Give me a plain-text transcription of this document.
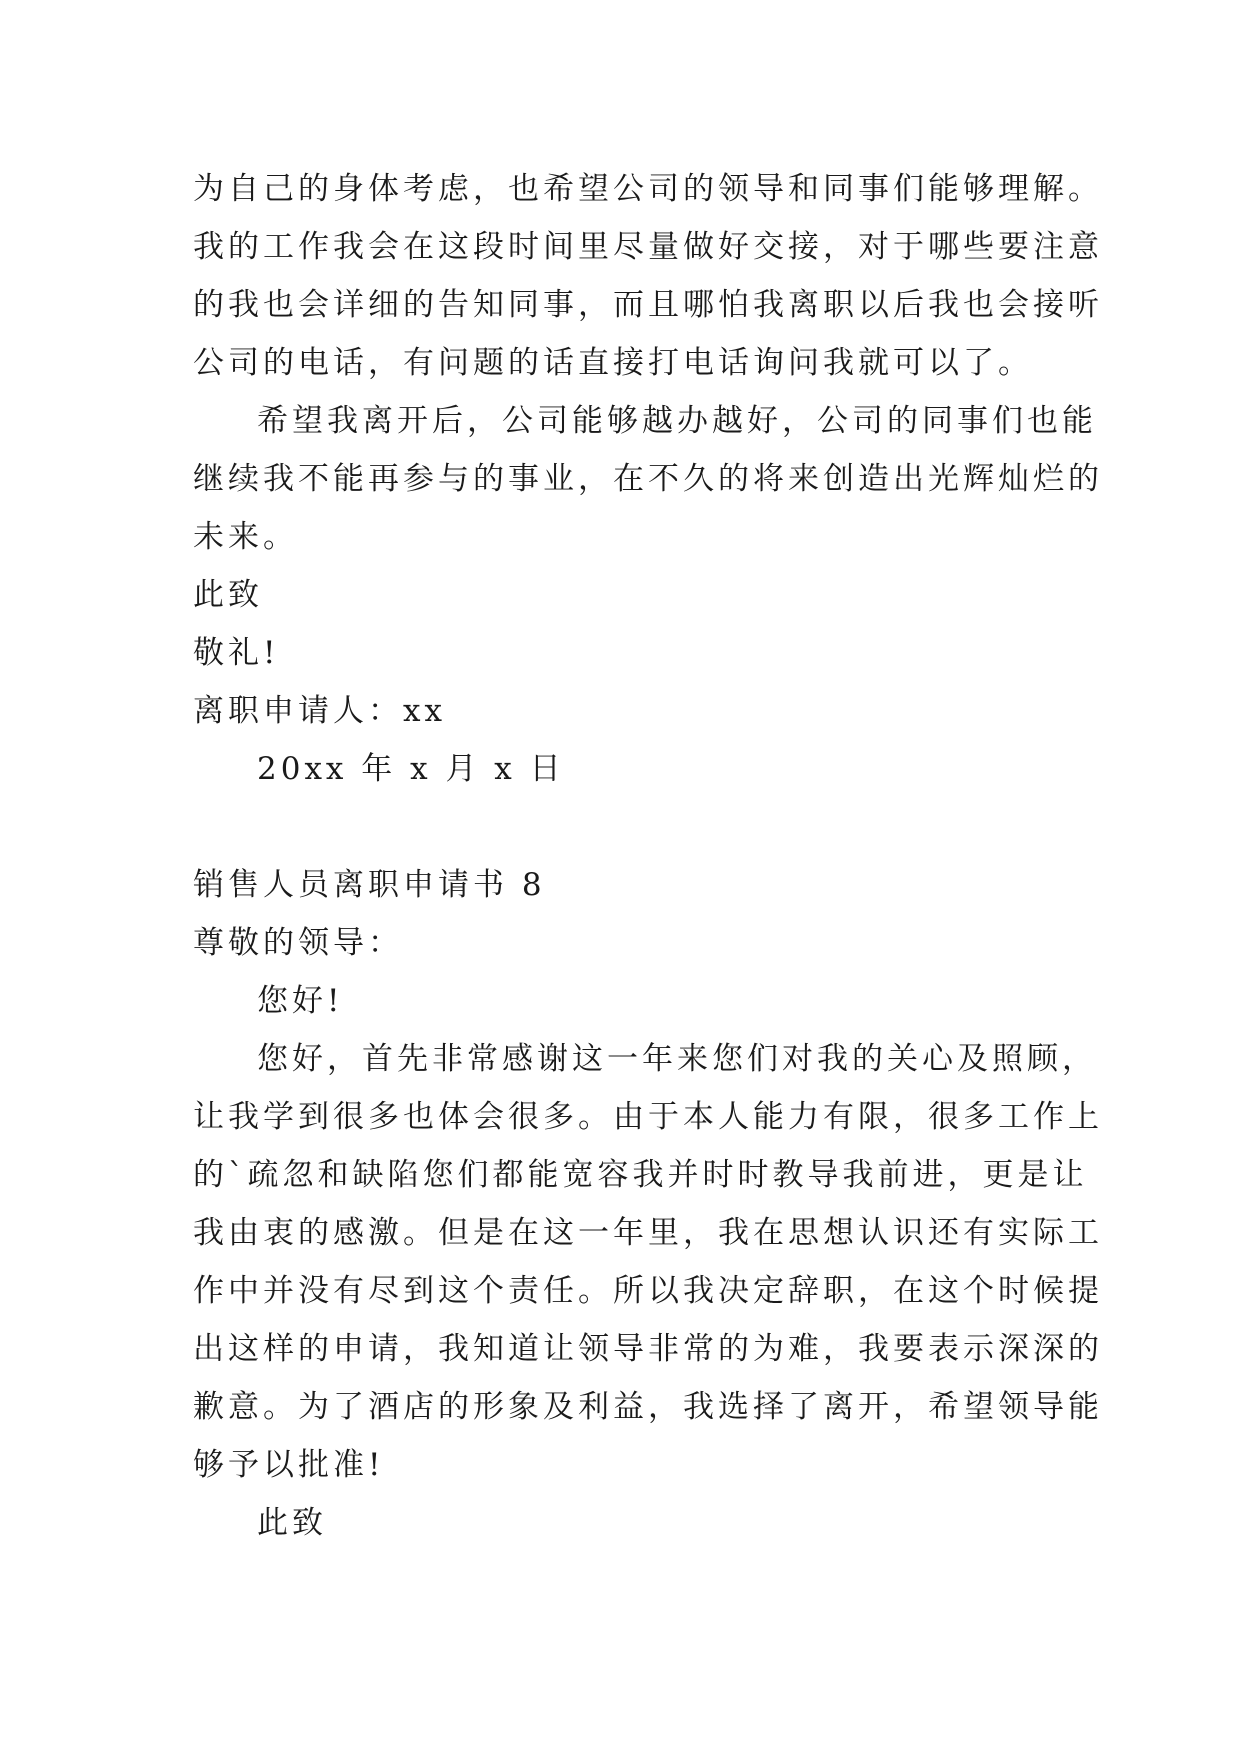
为自己的身体考虑，也希望公司的领导和同事们能够理解。
我的工作我会在这段时间里尽量做好交接，对于哪些要注意
的我也会详细的告知同事，而且哪怕我离职以后我也会接听
公司的电话，有问题的话直接打电话询问我就可以了。
希望我离开后，公司能够越办越好，公司的同事们也能
继续我不能再参与的事业，在不久的将来创造出光辉灿烂的
未来。
此致
敬礼!
离职申请人：xx
20xx 年 x 月 x 日
销售人员离职申请书 8
尊敬的领导：
您好!
您好，首先非常感谢这一年来您们对我的关心及照顾，
让我学到很多也体会很多。由于本人能力有限，很多工作上
的`疏忽和缺陷您们都能宽容我并时时教导我前进，更是让
我由衷的感激。但是在这一年里，我在思想认识还有实际工
作中并没有尽到这个责任。所以我决定辞职，在这个时候提
出这样的申请，我知道让领导非常的为难，我要表示深深的
歉意。为了酒店的形象及利益，我选择了离开，希望领导能
够予以批准!
此致
